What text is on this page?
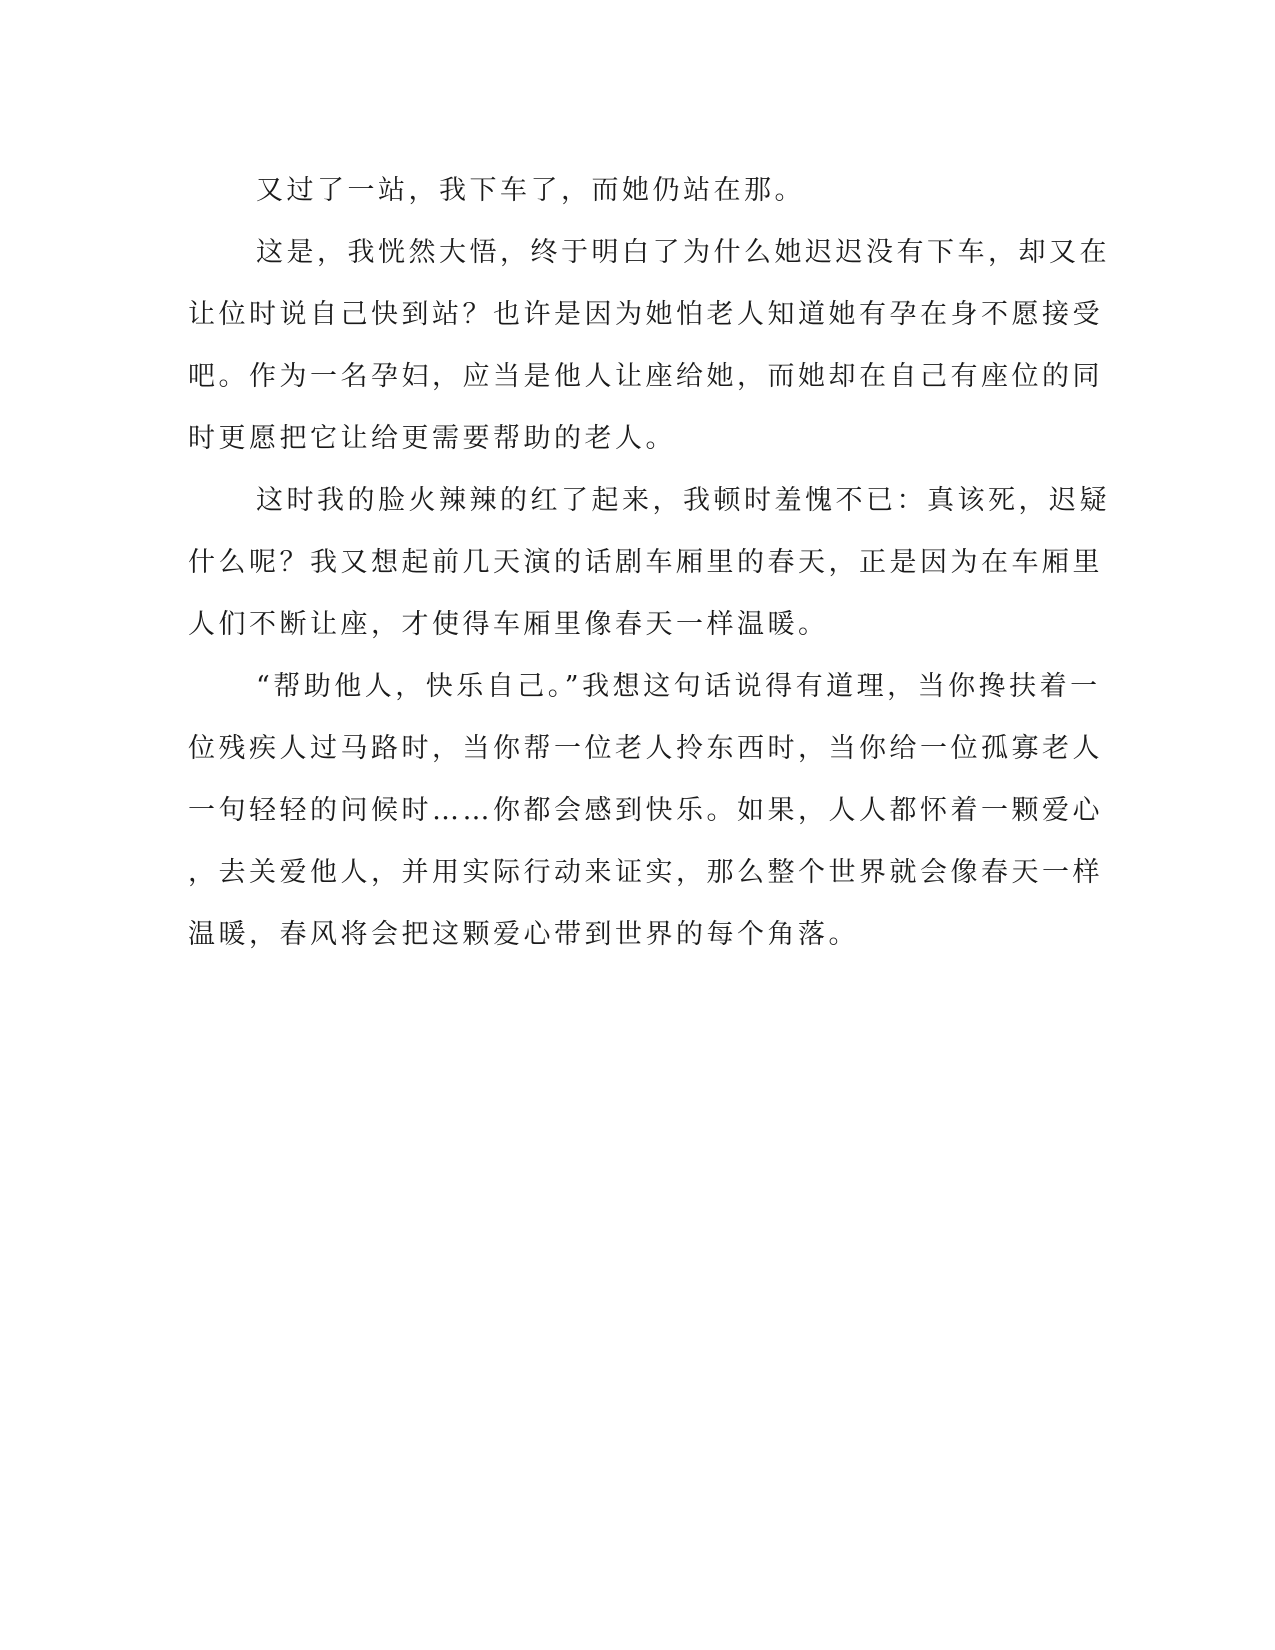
又过了一站，我下车了，而她仍站在那。
这是，我恍然大悟，终于明白了为什么她迟迟没有下车，却又在
让位时说自己快到站？也许是因为她怕老人知道她有孕在身不愿接受
吧。作为一名孕妇，应当是他人让座给她，而她却在自己有座位的同
时更愿把它让给更需要帮助的老人。
这时我的脸火辣辣的红了起来，我顿时羞愧不已：真该死，迟疑
什么呢？我又想起前几天演的话剧车厢里的春天，正是因为在车厢里
人们不断让座，才使得车厢里像春天一样温暖。
“帮助他人，快乐自己。”我想这句话说得有道理，当你搀扶着一
位残疾人过马路时，当你帮一位老人拎东西时，当你给一位孤寡老人
一句轻轻的问候时……你都会感到快乐。如果，人人都怀着一颗爱心
，去关爱他人，并用实际行动来证实，那么整个世界就会像春天一样
温暖，春风将会把这颗爱心带到世界的每个角落。
